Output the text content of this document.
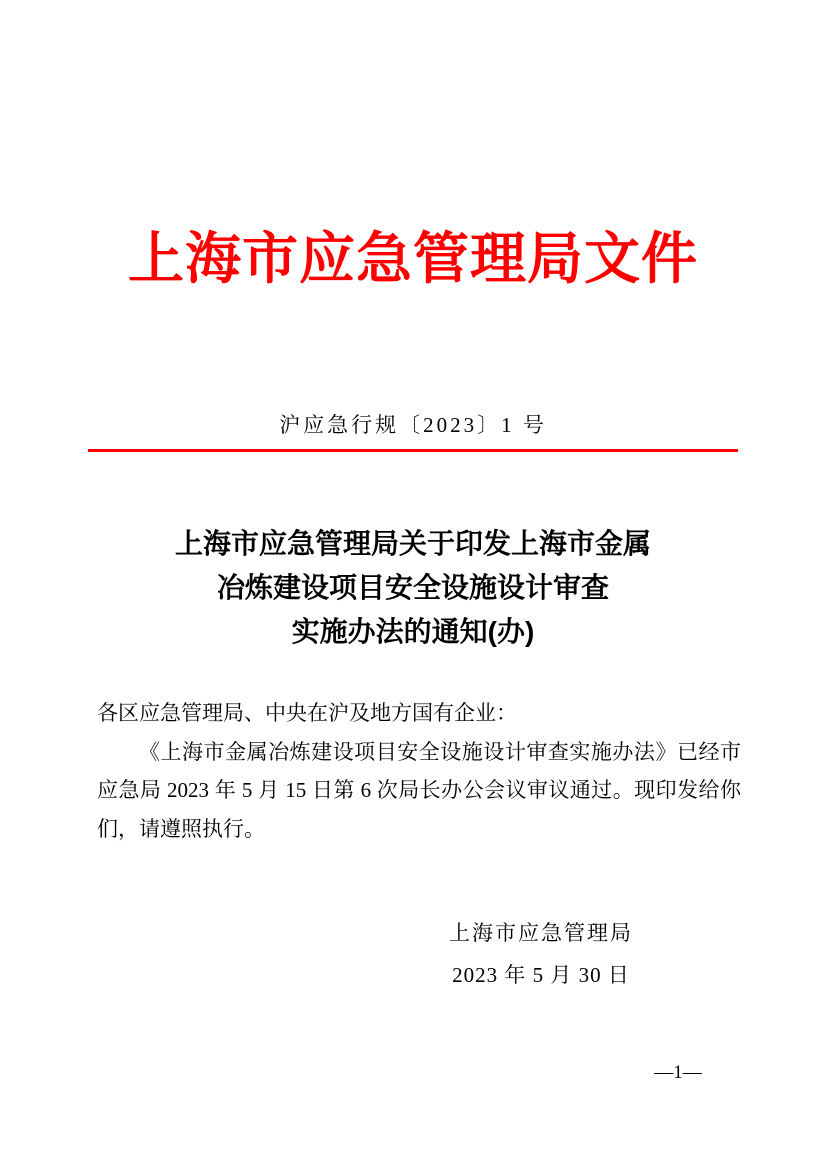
上海市应急管理局文件
沪应急行规〔2023〕1 号
上海市应急管理局关于印发上海市金属
冶炼建设项目安全设施设计审查
实施办法的通知(办)
各区应急管理局、中央在沪及地方国有企业：
《上海市金属冶炼建设项目安全设施设计审查实施办法》已经市应急局 2023 年 5 月 15 日第 6 次局长办公会议审议通过。现印发给你们，请遵照执行。
上海市应急管理局
2023 年 5 月 30 日
—1—
